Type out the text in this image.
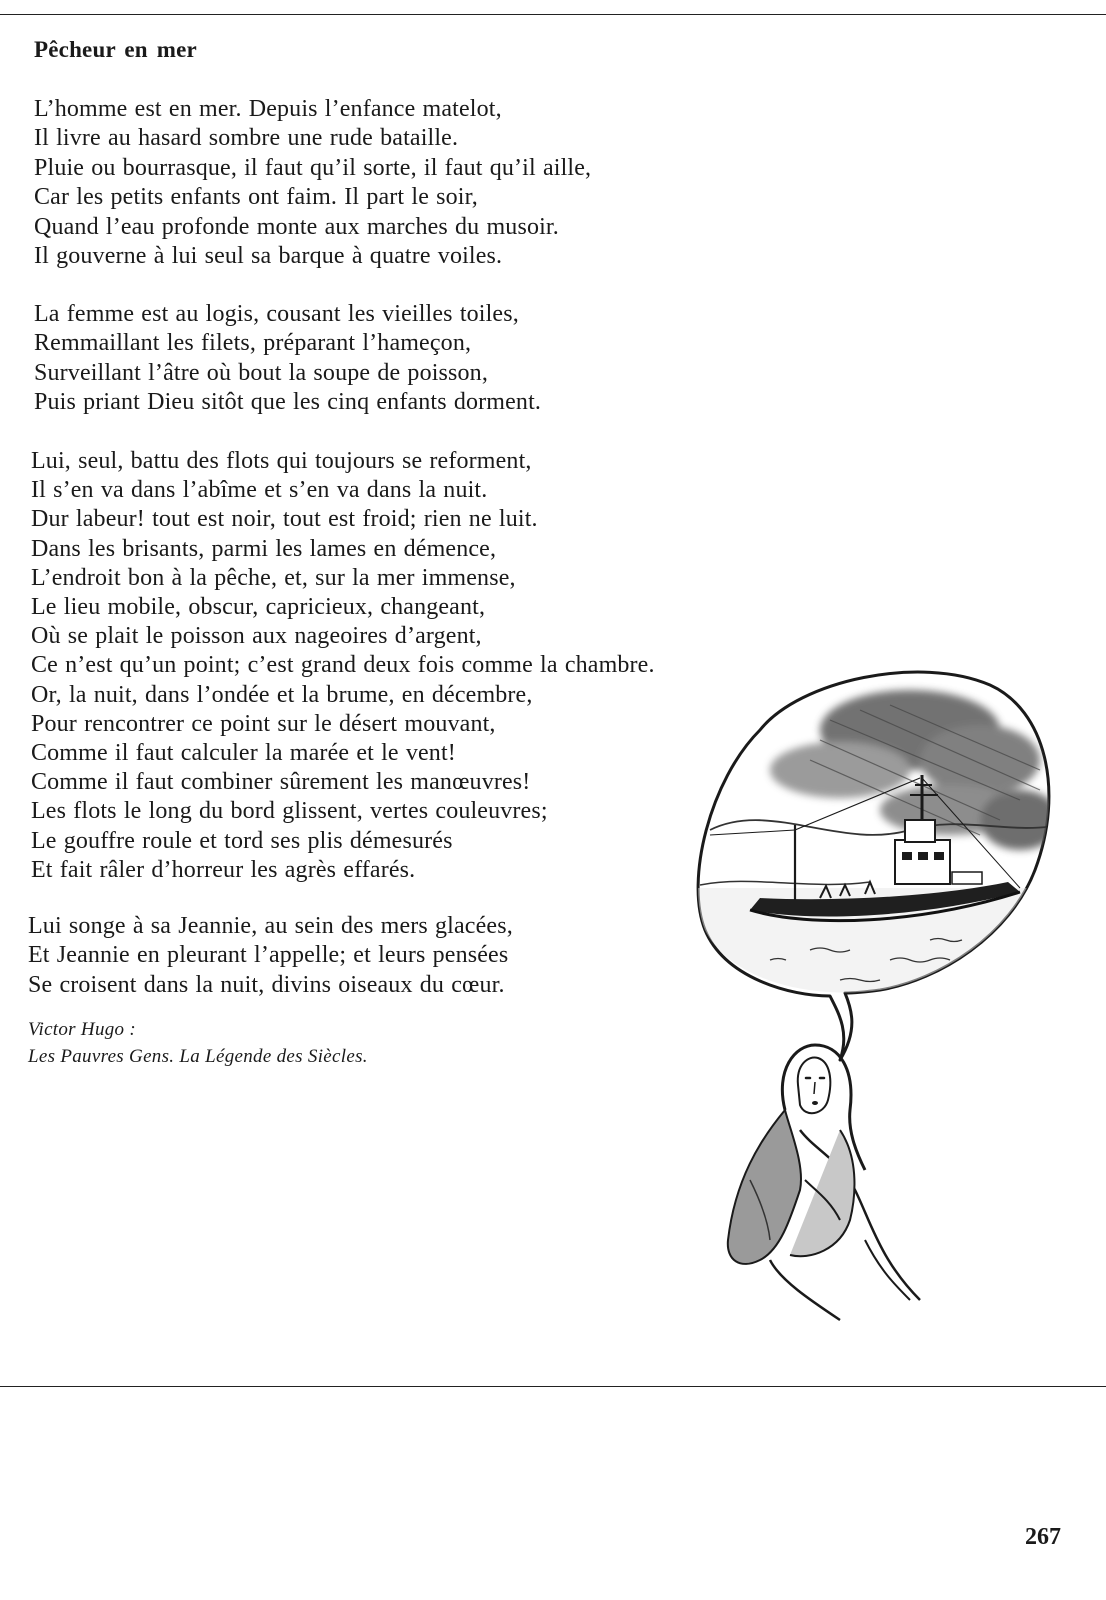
Pêcheur en mer
L’homme est en mer. Depuis l’enfance matelot,
Il livre au hasard sombre une rude bataille.
Pluie ou bourrasque, il faut qu’il sorte, il faut qu’il aille,
Car les petits enfants ont faim. Il part le soir,
Quand l’eau profonde monte aux marches du musoir.
Il gouverne à lui seul sa barque à quatre voiles.
La femme est au logis, cousant les vieilles toiles,
Remmaillant les filets, préparant l’hameçon,
Surveillant l’âtre où bout la soupe de poisson,
Puis priant Dieu sitôt que les cinq enfants dorment.
Lui, seul, battu des flots qui toujours se reforment,
Il s’en va dans l’abîme et s’en va dans la nuit.
Dur labeur! tout est noir, tout est froid; rien ne luit.
Dans les brisants, parmi les lames en démence,
L’endroit bon à la pêche, et, sur la mer immense,
Le lieu mobile, obscur, capricieux, changeant,
Où se plait le poisson aux nageoires d’argent,
Ce n’est qu’un point; c’est grand deux fois comme la chambre.
Or, la nuit, dans l’ondée et la brume, en décembre,
Pour rencontrer ce point sur le désert mouvant,
Comme il faut calculer la marée et le vent!
Comme il faut combiner sûrement les manœuvres!
Les flots le long du bord glissent, vertes couleuvres;
Le gouffre roule et tord ses plis démesurés
Et fait râler d’horreur les agrès effarés.
Lui songe à sa Jeannie, au sein des mers glacées,
Et Jeannie en pleurant l’appelle; et leurs pensées
Se croisent dans la nuit, divins oiseaux du cœur.
Victor Hugo :
Les Pauvres Gens. La Légende des Siècles.
267
